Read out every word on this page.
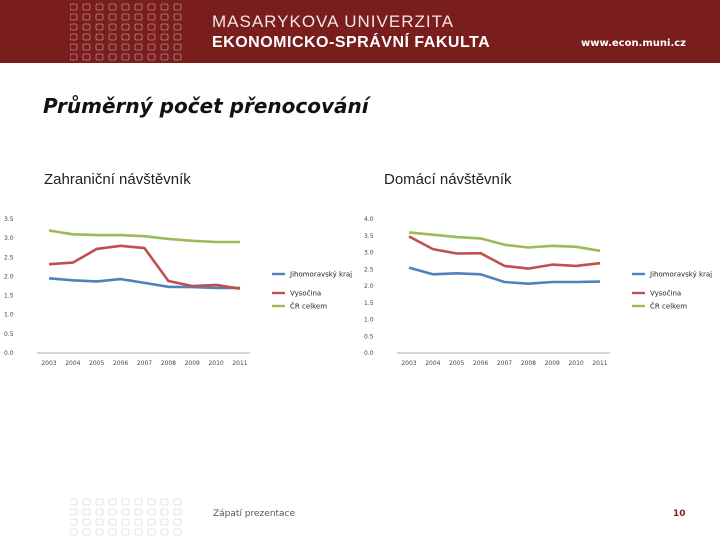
MASARYKOVA UNIVERZITA
EKONOMICKO-SPRÁVNÍ FAKULTA	www.econ.muni.cz
Průměrný počet přenocování
Zahraniční návštěvník	Domácí návštěvník
0.0
0.5
1.0
1.5
2.0
2.5
3.0
3.5
2003 2004 2005 2006 2007 2008 2009 2010 2011
Jihomoravský kraj
Vysočina
ČR celkem
0.0
0.5
1.0
1.5
2.0
2.5
3.0
3.5
4.0
2003 2004 2005 2006 2007 2008 2009 2010 2011
Jihomoravský kraj
Vysočina
ČR celkem
Zápatí prezentace	10
